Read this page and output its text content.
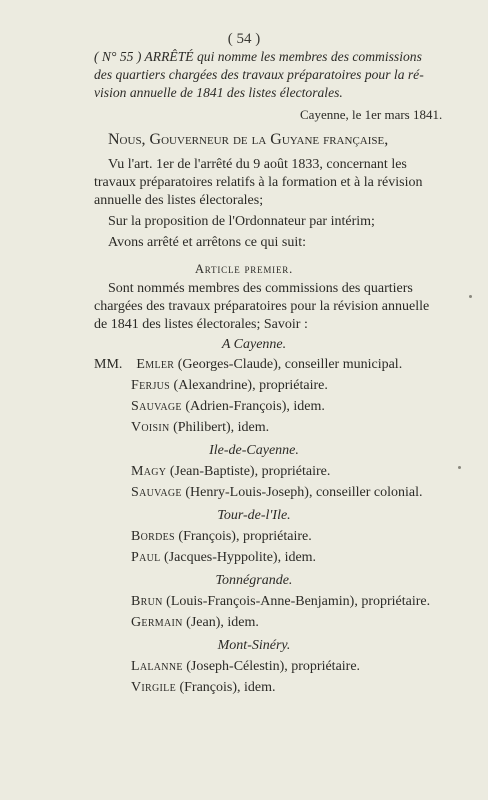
( 54 )
( N° 55 ) ARRÊTÉ qui nomme les membres des commissions
des quartiers chargées des travaux préparatoires pour la ré-
vision annuelle de 1841 des listes électorales.
Cayenne, le 1er mars 1841.
Nous, Gouverneur de la Guyane française,
Vu l'art. 1er de l'arrêté du 9 août 1833, concernant les
travaux préparatoires relatifs à la formation et à la révision
annuelle des listes électorales;
Sur la proposition de l'Ordonnateur par intérim;
Avons arrêté et arrêtons ce qui suit:
Article premier.
Sont nommés membres des commissions des quartiers
chargées des travaux préparatoires pour la révision annuelle
de 1841 des listes électorales; Savoir :
A Cayenne.
MM. Emler (Georges-Claude), conseiller municipal.
Ferjus (Alexandrine), propriétaire.
Sauvage (Adrien-François), idem.
Voisin (Philibert), idem.
Ile-de-Cayenne.
Magy (Jean-Baptiste), propriétaire.
Sauvage (Henry-Louis-Joseph), conseiller colonial.
Tour-de-l'Ile.
Bordes (François), propriétaire.
Paul (Jacques-Hyppolite), idem.
Tonnégrande.
Brun (Louis-François-Anne-Benjamin), propriétaire.
Germain (Jean), idem.
Mont-Sinéry.
Lalanne (Joseph-Célestin), propriétaire.
Virgile (François), idem.
